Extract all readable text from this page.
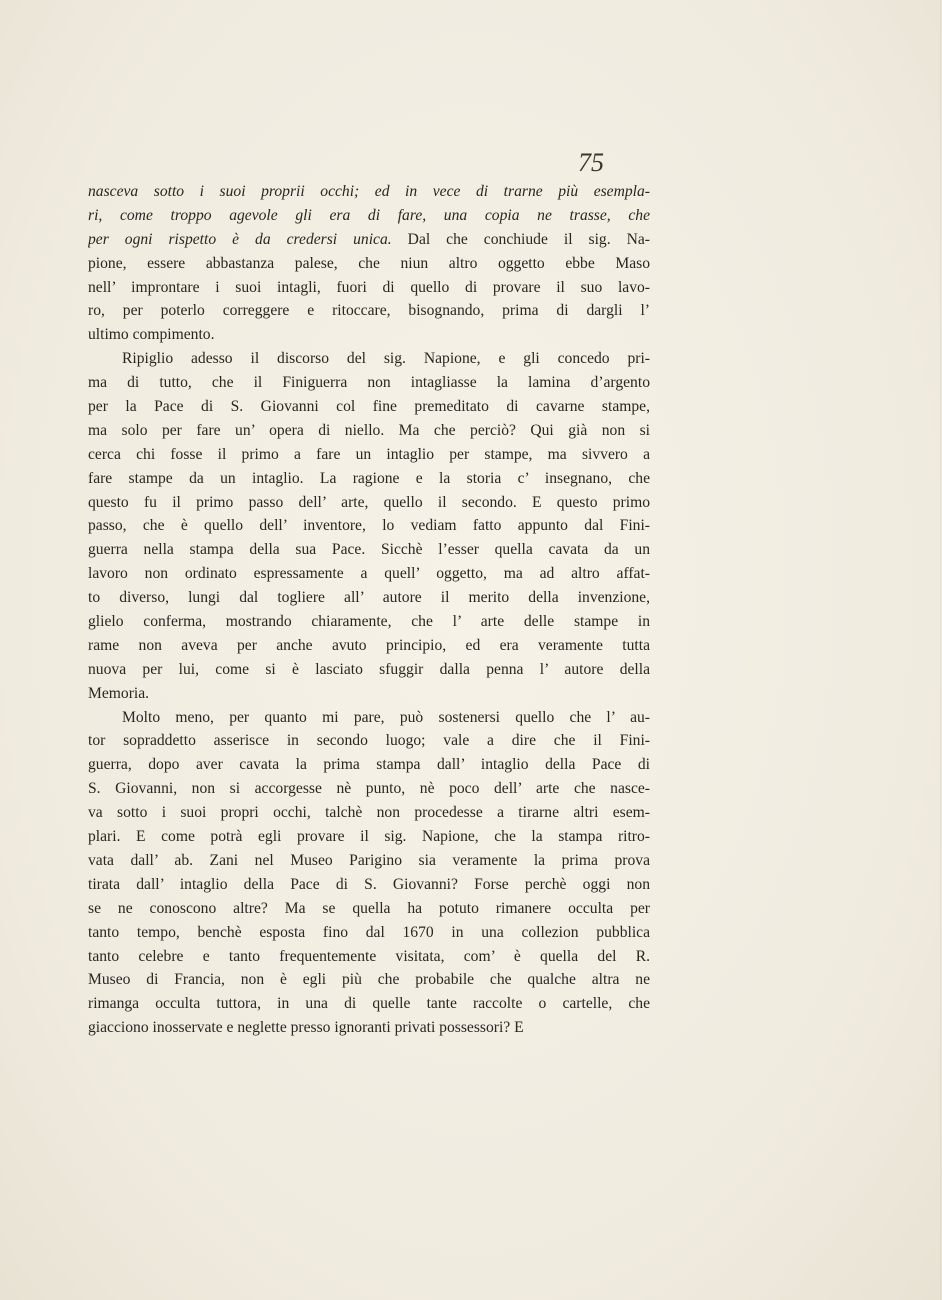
75
nasceva sotto i suoi proprii occhi; ed in vece di trarne più esempla-
ri, come troppo agevole gli era di fare, una copia ne trasse, che
per ogni rispetto è da credersi unica. Dal che conchiude il sig. Na-
pione, essere abbastanza palese, che niun altro oggetto ebbe Maso
nell’ improntare i suoi intagli, fuori di quello di provare il suo lavo-
ro, per poterlo correggere e ritoccare, bisognando, prima di dargli l’
ultimo compimento.
Ripiglio adesso il discorso del sig. Napione, e gli concedo pri-
ma di tutto, che il Finiguerra non intagliasse la lamina d’argento
per la Pace di S. Giovanni col fine premeditato di cavarne stampe,
ma solo per fare un’ opera di niello. Ma che perciò? Qui già non si
cerca chi fosse il primo a fare un intaglio per stampe, ma sivvero a
fare stampe da un intaglio. La ragione e la storia c’ insegnano, che
questo fu il primo passo dell’ arte, quello il secondo. E questo primo
passo, che è quello dell’ inventore, lo vediam fatto appunto dal Fini-
guerra nella stampa della sua Pace. Sicchè l’esser quella cavata da un
lavoro non ordinato espressamente a quell’ oggetto, ma ad altro affat-
to diverso, lungi dal togliere all’ autore il merito della invenzione,
glielo conferma, mostrando chiaramente, che l’ arte delle stampe in
rame non aveva per anche avuto principio, ed era veramente tutta
nuova per lui, come si è lasciato sfuggir dalla penna l’ autore della
Memoria.
Molto meno, per quanto mi pare, può sostenersi quello che l’ au-
tor sopraddetto asserisce in secondo luogo; vale a dire che il Fini-
guerra, dopo aver cavata la prima stampa dall’ intaglio della Pace di
S. Giovanni, non si accorgesse nè punto, nè poco dell’ arte che nasce-
va sotto i suoi propri occhi, talchè non procedesse a tirarne altri esem-
plari. E come potrà egli provare il sig. Napione, che la stampa ritro-
vata dall’ ab. Zani nel Museo Parigino sia veramente la prima prova
tirata dall’ intaglio della Pace di S. Giovanni? Forse perchè oggi non
se ne conoscono altre? Ma se quella ha potuto rimanere occulta per
tanto tempo, benchè esposta fino dal 1670 in una collezion pubblica
tanto celebre e tanto frequentemente visitata, com’ è quella del R.
Museo di Francia, non è egli più che probabile che qualche altra ne
rimanga occulta tuttora, in una di quelle tante raccolte o cartelle, che
giacciono inosservate e neglette presso ignoranti privati possessori? E
